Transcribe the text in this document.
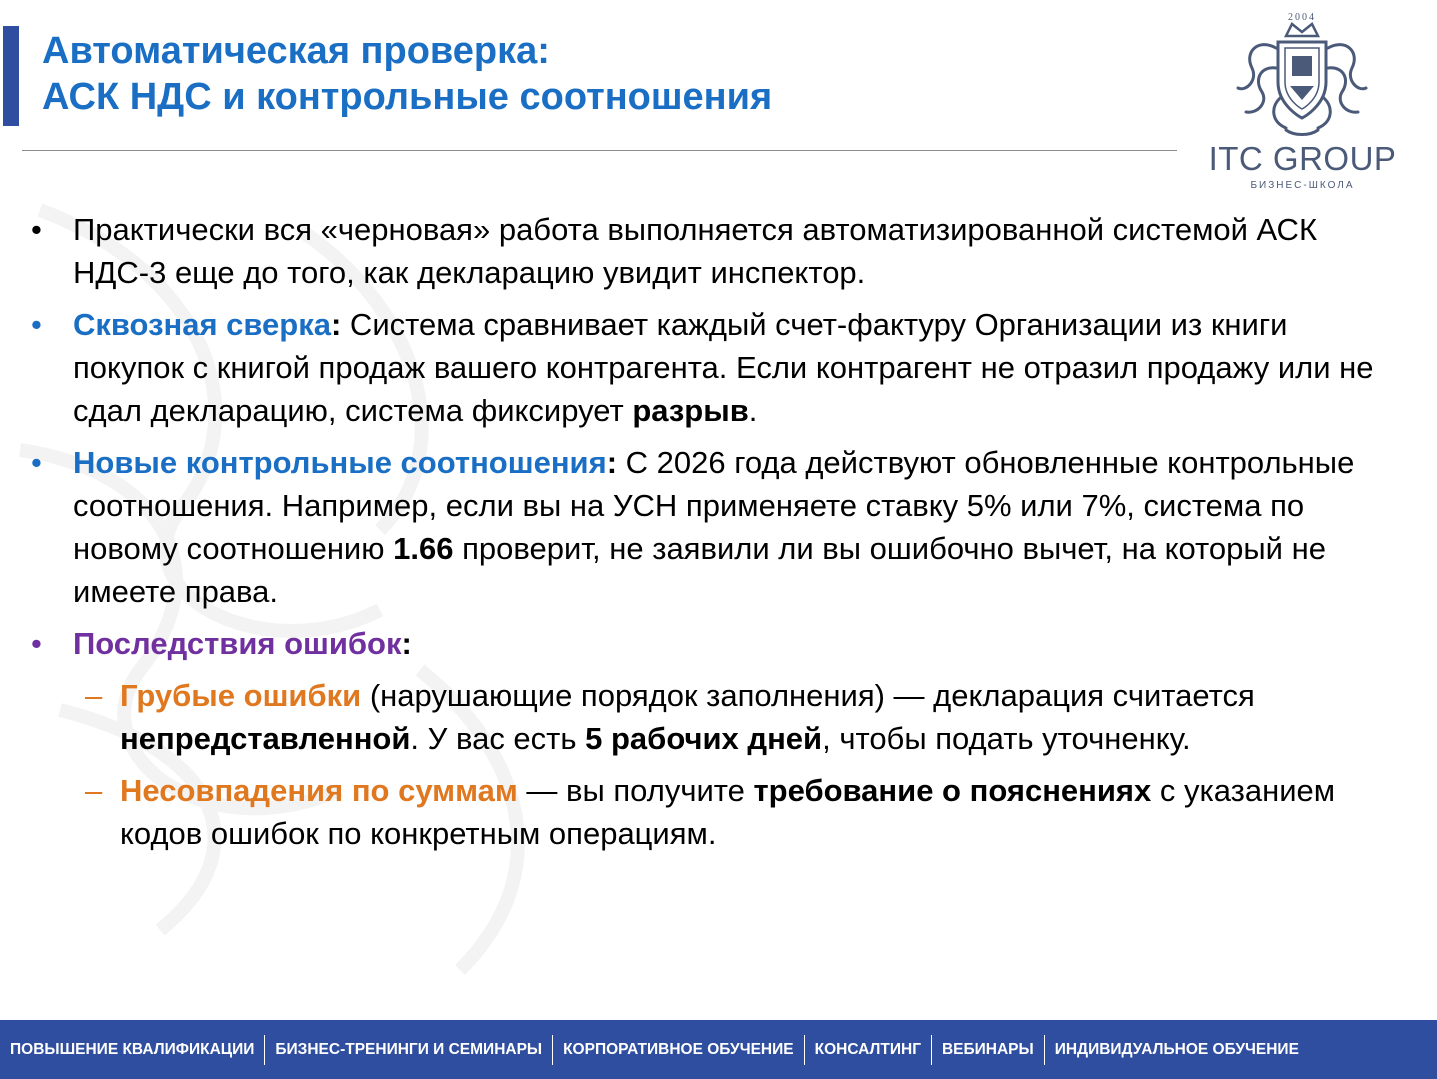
Автоматическая проверка:
АСК НДС и контрольные соотношения
2004
ITC GROUP
БИЗНЕС-ШКОЛА
• Практически вся «черновая» работа выполняется автоматизированной системой АСК НДС-3 еще до того, как декларацию увидит инспектор.
• Сквозная сверка: Система сравнивает каждый счет-фактуру Организации из книги покупок с книгой продаж вашего контрагента. Если контрагент не отразил продажу или не сдал декларацию, система фиксирует разрыв.
• Новые контрольные соотношения: С 2026 года действуют обновленные контрольные соотношения. Например, если вы на УСН применяете ставку 5% или 7%, система по новому соотношению 1.66 проверит, не заявили ли вы ошибочно вычет, на который не имеете права.
• Последствия ошибок:
– Грубые ошибки (нарушающие порядок заполнения) — декларация считается непредставленной. У вас есть 5 рабочих дней, чтобы подать уточненку.
– Несовпадения по суммам — вы получите требование о пояснениях с указанием кодов ошибок по конкретным операциям.
ПОВЫШЕНИЕ КВАЛИФИКАЦИИ	БИЗНЕС-ТРЕНИНГИ И СЕМИНАРЫ	КОРПОРАТИВНОЕ ОБУЧЕНИЕ	КОНСАЛТИНГ	ВЕБИНАРЫ	ИНДИВИДУАЛЬНОЕ ОБУЧЕНИЕ
